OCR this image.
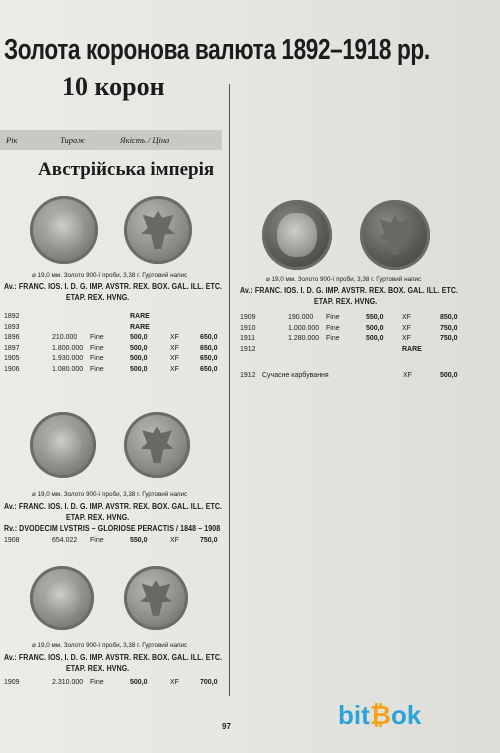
Золота коронова валюта 1892–1918 рр.
10 корон
Рік	Тираж	Якість / Ціна
Австрійська імперія
⌀ 19,0 мм. Золото 900-ї проби, 3,38 г. Гуртовий напис
Av.: FRANC. IOS. I. D. G. IMP. AVSTR. REX. BOX. GAL. ILL. ETC.
ETAP. REX. HVNG.
1892	RARE
1893	RARE
1896	210.000 Fine	500,0	XF	650,0
1897	1.800.000 Fine	500,0	XF	650,0
1905	1.930.000 Fine	500,0	XF	650,0
1906	1.080.000 Fine	500,0	XF	650,0
⌀ 19,0 мм. Золото 900-ї проби, 3,38 г. Гуртовий напис
Av.: FRANC. IOS. I. D. G. IMP. AVSTR. REX. BOX. GAL. ILL. ETC.
ETAP. REX. HVNG.
Rv.: DVODECIM LVSTRIS – GLORIOSE PERACTIS / 1848 – 1908
1908	654.022 Fine	550,0	XF	750,0
⌀ 19,0 мм. Золото 900-ї проби, 3,38 г. Гуртовий напис
Av.: FRANC. IOS. I. D. G. IMP. AVSTR. REX. BOX. GAL. ILL. ETC.
ETAP. REX. HVNG.
1909	2.310.000 Fine	500,0	XF	700,0
⌀ 19,0 мм. Золото 900-ї проби, 3,38 г. Гуртовий напис
Av.: FRANC. IOS. I. D. G. IMP. AVSTR. REX. BOX. GAL. ILL. ETC.
ETAP. REX. HVNG.
1909	190.000 Fine	550,0	XF	850,0
1910	1.000.000 Fine	500,0	XF	750,0
1911	1.280.000 Fine	500,0	XF	750,0
1912	RARE
1912 Сучасне карбування	XF	500,0
97	bit₿ok
